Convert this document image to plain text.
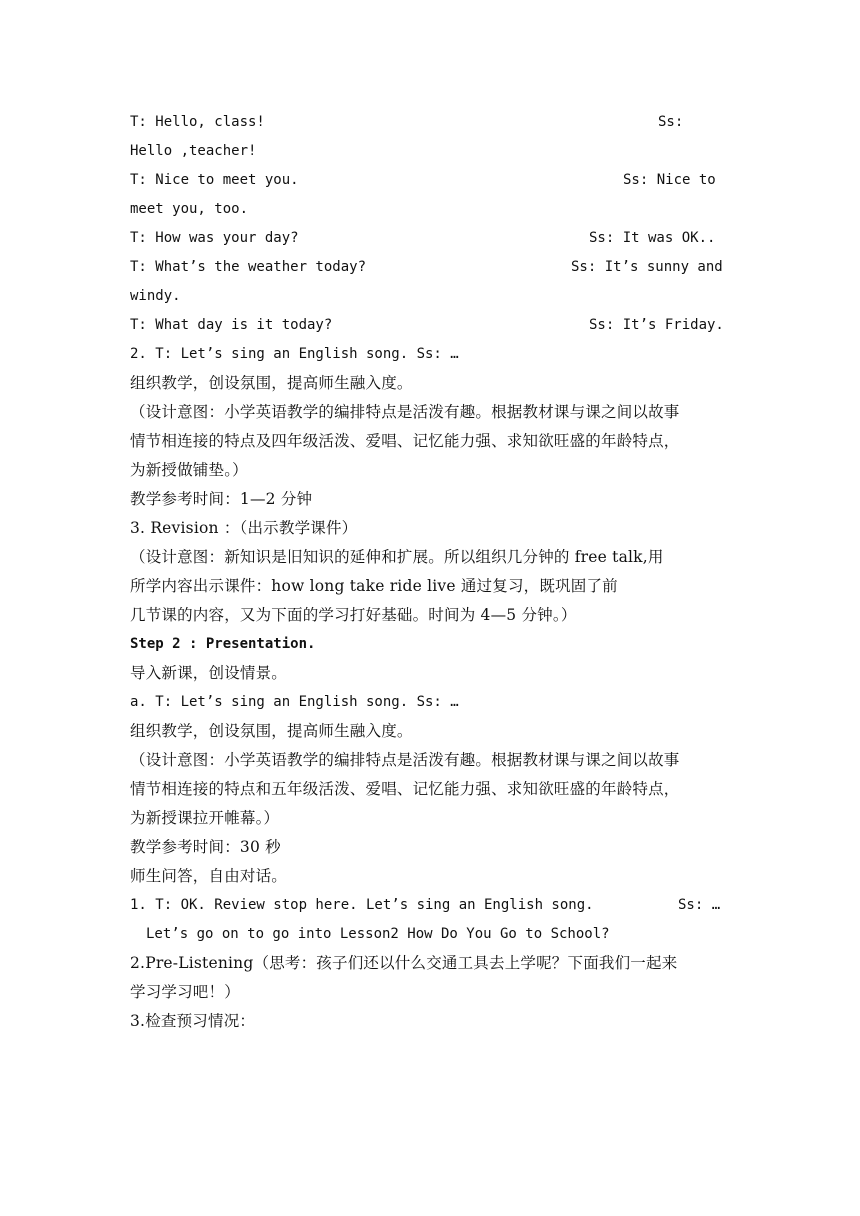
T: Hello, class!	Ss:
Hello ,teacher!
T: Nice to meet you.	Ss: Nice to
meet you, too.
T: How was your day?	Ss: It was OK..
T: What’s the weather today?	Ss: It’s sunny and
windy.
T: What day is it today?	Ss: It’s Friday.
2. T: Let’s sing an English song. Ss: …
组织教学，创设氛围，提高师生融入度。
（设计意图：小学英语教学的编排特点是活泼有趣。根据教材课与课之间以故事
情节相连接的特点及四年级活泼、爱唱、记忆能力强、求知欲旺盛的年龄特点，
为新授做铺垫。）
教学参考时间：1—2 分钟
3. Revision ：（出示教学课件）
（设计意图：新知识是旧知识的延伸和扩展。所以组织几分钟的 free talk,用
所学内容出示课件：how long take ride live 通过复习，既巩固了前
几节课的内容，又为下面的学习打好基础。时间为 4—5 分钟。）
Step 2 : Presentation.
导入新课，创设情景。
a. T: Let’s sing an English song. Ss: …
组织教学，创设氛围，提高师生融入度。
（设计意图：小学英语教学的编排特点是活泼有趣。根据教材课与课之间以故事
情节相连接的特点和五年级活泼、爱唱、记忆能力强、求知欲旺盛的年龄特点，
为新授课拉开帷幕。）
教学参考时间：30 秒
师生问答，自由对话。
1. T: OK. Review stop here. Let’s sing an English song.	Ss: …
Let’s go on to go into Lesson2 How Do You Go to School?
2.Pre-Listening（思考：孩子们还以什么交通工具去上学呢？下面我们一起来
学习学习吧！）
3.检查预习情况：
